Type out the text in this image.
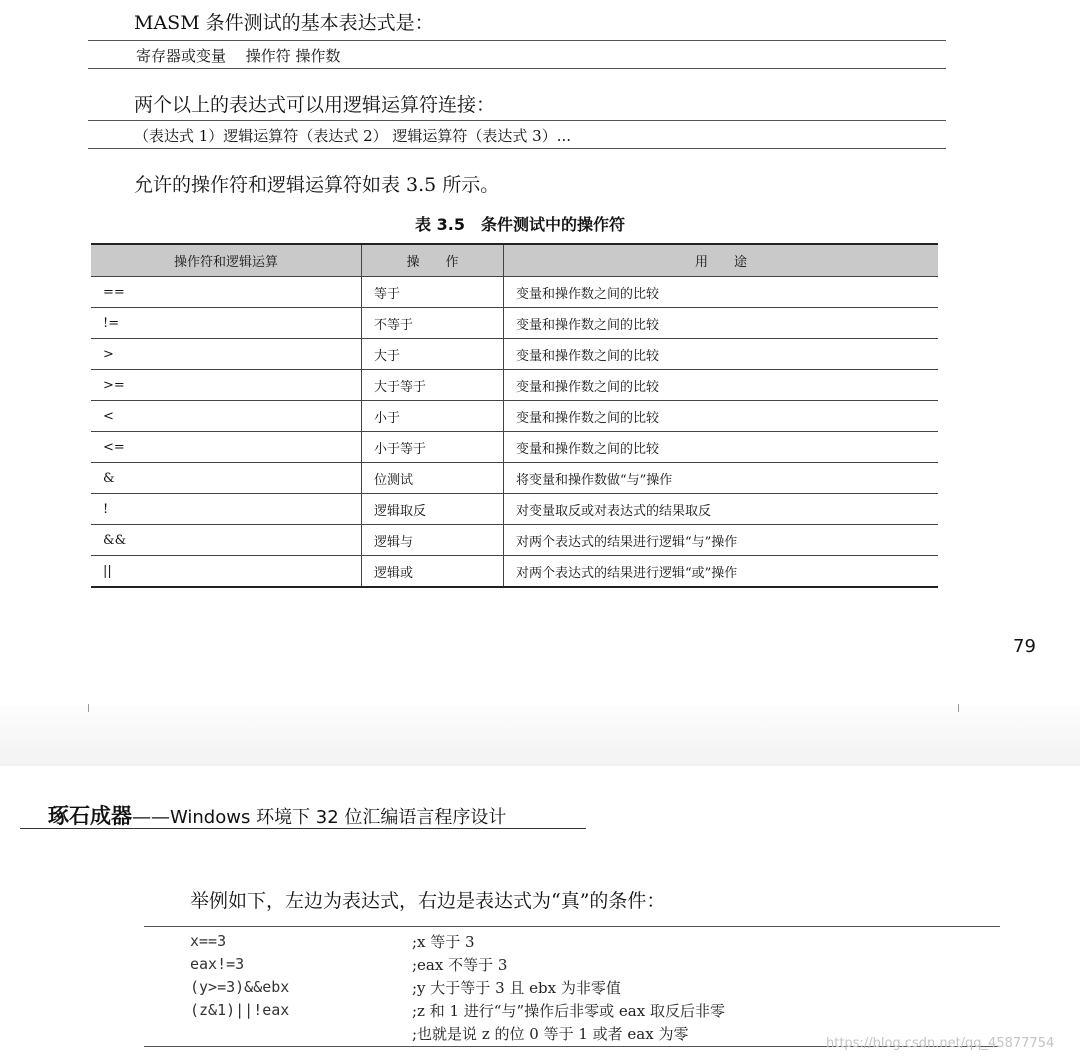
MASM 条件测试的基本表达式是：
寄存器或变量　 操作符 操作数
两个以上的表达式可以用逻辑运算符连接：
（表达式 1）逻辑运算符（表达式 2） 逻辑运算符（表达式 3）...
允许的操作符和逻辑运算符如表 3.5 所示。
表 3.5　条件测试中的操作符
操作符和逻辑运算	操　　作	用　　途
==	等于	变量和操作数之间的比较
!=	不等于	变量和操作数之间的比较
>	大于	变量和操作数之间的比较
>=	大于等于	变量和操作数之间的比较
<	小于	变量和操作数之间的比较
<=	小于等于	变量和操作数之间的比较
&	位测试	将变量和操作数做“与”操作
!	逻辑取反	对变量取反或对表达式的结果取反
&&	逻辑与	对两个表达式的结果进行逻辑“与”操作
||	逻辑或	对两个表达式的结果进行逻辑“或”操作
79
琢石成器——Windows 环境下 32 位汇编语言程序设计
举例如下，左边为表达式，右边是表达式为“真”的条件：
x==3	;x 等于 3
eax!=3	;eax 不等于 3
(y>=3)&&ebx	;y 大于等于 3 且 ebx 为非零值
(z&1)||!eax	;z 和 1 进行“与”操作后非零或 eax 取反后非零
;也就是说 z 的位 0 等于 1 或者 eax 为零
https://blog.csdn.net/qq_45877754
